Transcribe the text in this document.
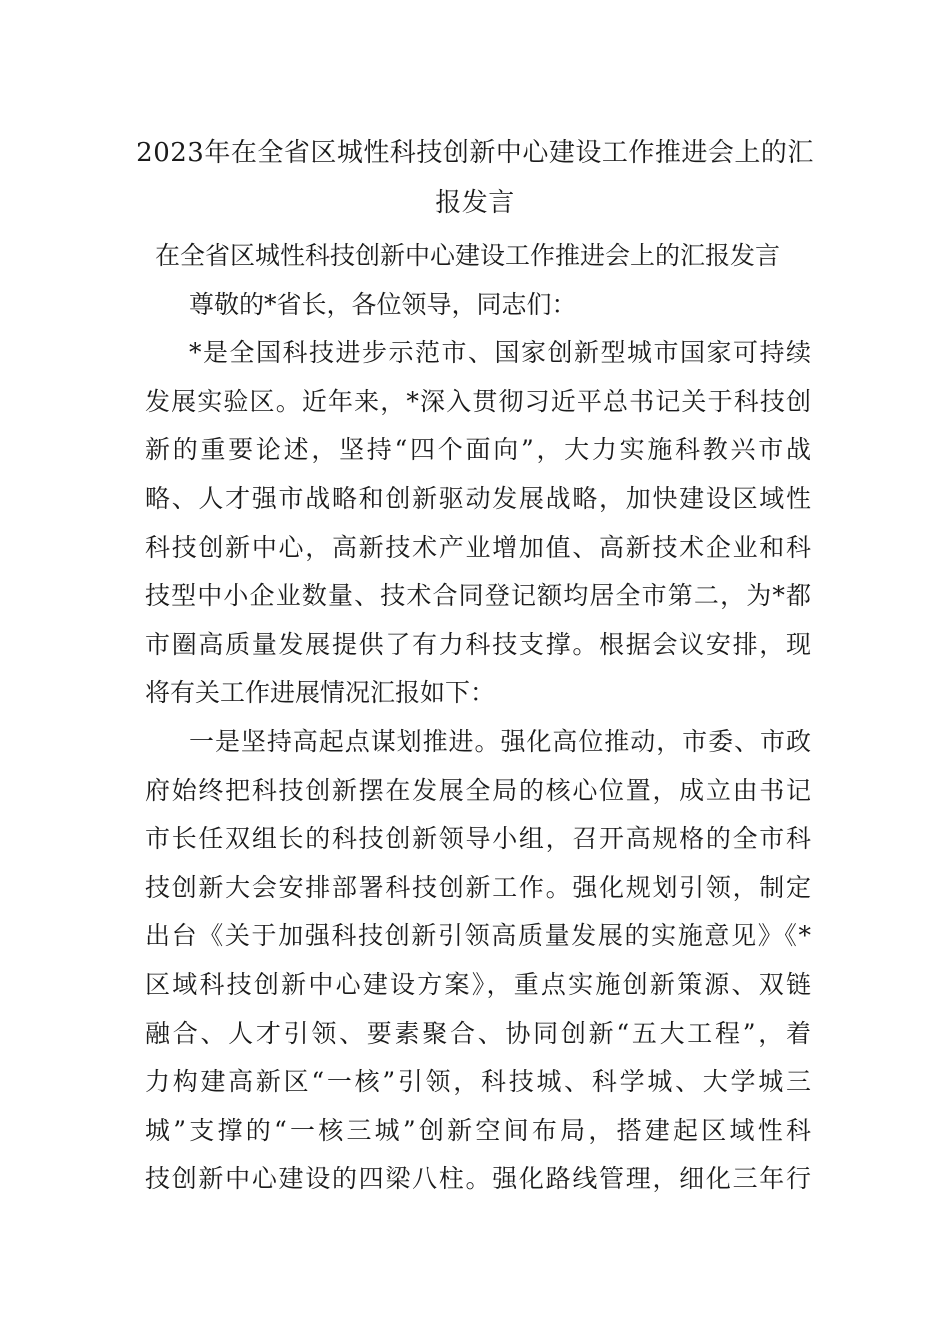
2023年在全省区城性科技创新中心建设工作推进会上的汇
报发言
在全省区城性科技创新中心建设工作推进会上的汇报发言
尊敬的*省长，各位领导，同志们：
*是全国科技进步示范市、国家创新型城市国家可持续
发展实验区。近年来，*深入贯彻习近平总书记关于科技创
新的重要论述，坚持“四个面向”，大力实施科教兴市战
略、人才强市战略和创新驱动发展战略，加快建设区域性
科技创新中心，高新技术产业增加值、高新技术企业和科
技型中小企业数量、技术合同登记额均居全市第二，为*都
市圈高质量发展提供了有力科技支撑。根据会议安排，现
将有关工作进展情况汇报如下：
一是坚持高起点谋划推进。强化高位推动，市委、市政
府始终把科技创新摆在发展全局的核心位置，成立由书记
市长任双组长的科技创新领导小组，召开高规格的全市科
技创新大会安排部署科技创新工作。强化规划引领，制定
出台《关于加强科技创新引领高质量发展的实施意见》《*
区域科技创新中心建设方案》，重点实施创新策源、双链
融合、人才引领、要素聚合、协同创新“五大工程”，着
力构建高新区“一核”引领，科技城、科学城、大学城三
城”支撑的“一核三城”创新空间布局，搭建起区域性科
技创新中心建设的四梁八柱。强化路线管理，细化三年行
